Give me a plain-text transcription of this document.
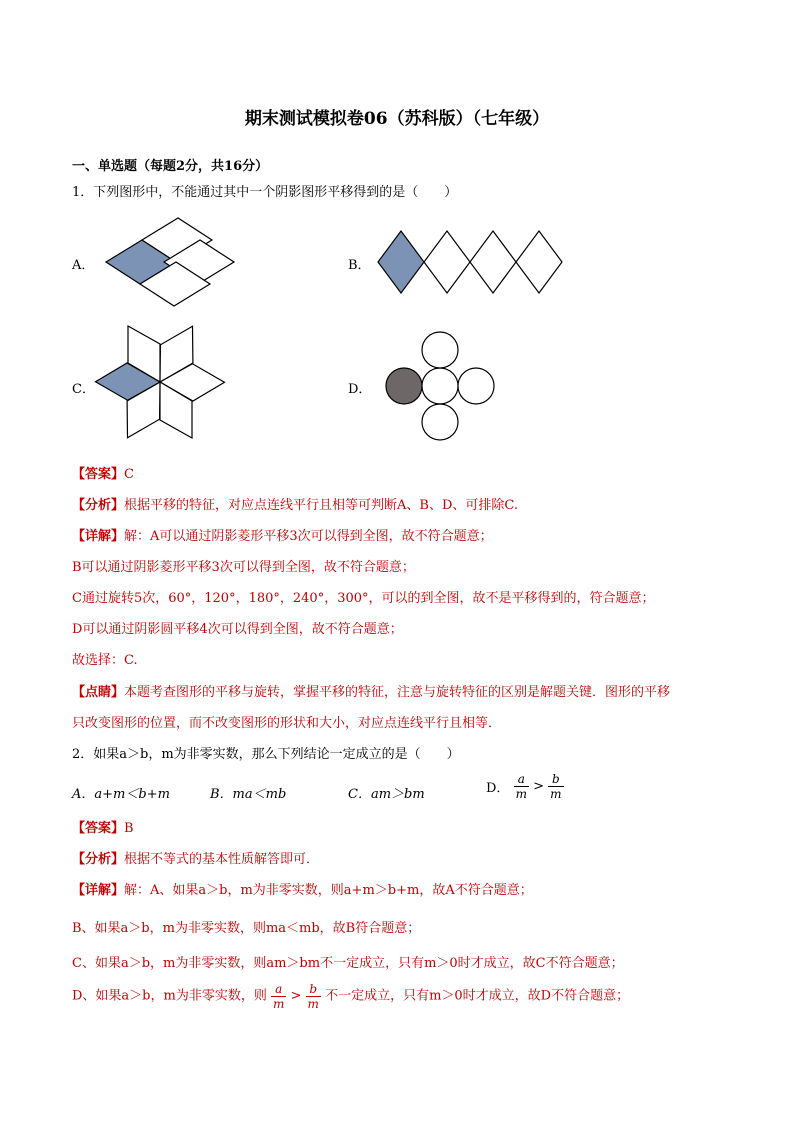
期末测试模拟卷06（苏科版）（七年级）
一、单选题（每题2分，共16分）
1．下列图形中，不能通过其中一个阴影图形平移得到的是（　　）
A．	B．
C．	D．
【答案】C
【分析】根据平移的特征，对应点连线平行且相等可判断A、B、D、可排除C.
【详解】解：A可以通过阴影菱形平移3次可以得到全图，故不符合题意；
B可以通过阴影菱形平移3次可以得到全图，故不符合题意；
C通过旋转5次，60°，120°，180°，240°，300°，可以的到全图，故不是平移得到的，符合题意；
D可以通过阴影圆平移4次可以得到全图，故不符合题意；
故选择：C.
【点睛】本题考查图形的平移与旋转，掌握平移的特征，注意与旋转特征的区别是解题关键．图形的平移
只改变图形的位置，而不改变图形的形状和大小，对应点连线平行且相等．
2．如果a＞b，m为非零实数，那么下列结论一定成立的是（　　）
A．a+m＜b+m	B．ma＜mb	C．am＞bm	D． $\frac{a}{m} > \frac{b}{m}$
【答案】B
【分析】根据不等式的基本性质解答即可．
【详解】解：A、如果a＞b，m为非零实数，则a+m＞b+m，故A不符合题意；
B、如果a＞b，m为非零实数，则ma＜mb，故B符合题意；
C、如果a＞b，m为非零实数，则am＞bm不一定成立，只有m＞0时才成立，故C不符合题意；
D、如果a＞b，m为非零实数，则 $\frac{a}{m} > \frac{b}{m}$ 不一定成立，只有m＞0时才成立，故D不符合题意；
